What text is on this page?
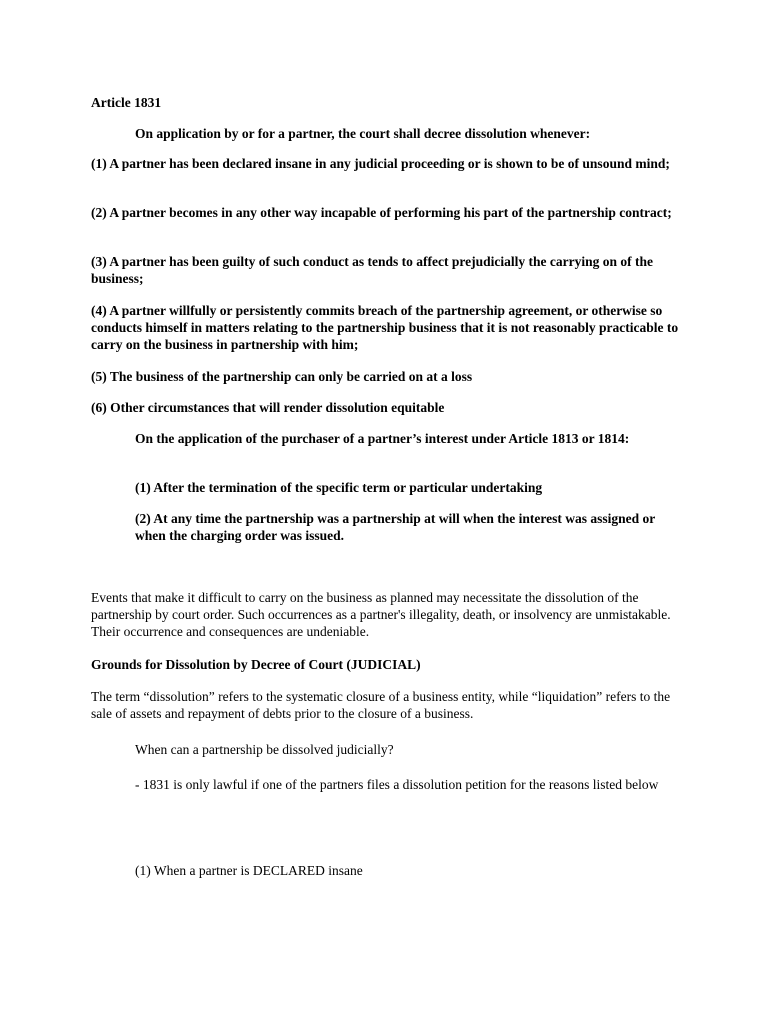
Article 1831

On application by or for a partner, the court shall decree dissolution whenever:

(1) A partner has been declared insane in any judicial proceeding or is shown to be of unsound mind;

(2) A partner becomes in any other way incapable of performing his part of the partnership contract;

(3) A partner has been guilty of such conduct as tends to affect prejudicially the carrying on of the business;

(4) A partner willfully or persistently commits breach of the partnership agreement, or otherwise so conducts himself in matters relating to the partnership business that it is not reasonably practicable to carry on the business in partnership with him;

(5) The business of the partnership can only be carried on at a loss

(6) Other circumstances that will render dissolution equitable

On the application of the purchaser of a partner’s interest under Article 1813 or 1814:

(1) After the termination of the specific term or particular undertaking

(2) At any time the partnership was a partnership at will when the interest was assigned or when the charging order was issued.

Events that make it difficult to carry on the business as planned may necessitate the dissolution of the partnership by court order. Such occurrences as a partner's illegality, death, or insolvency are unmistakable. Their occurrence and consequences are undeniable.

Grounds for Dissolution by Decree of Court (JUDICIAL)

The term “dissolution” refers to the systematic closure of a business entity, while “liquidation” refers to the sale of assets and repayment of debts prior to the closure of a business.

When can a partnership be dissolved judicially?

- 1831 is only lawful if one of the partners files a dissolution petition for the reasons listed below

(1) When a partner is DECLARED insane
